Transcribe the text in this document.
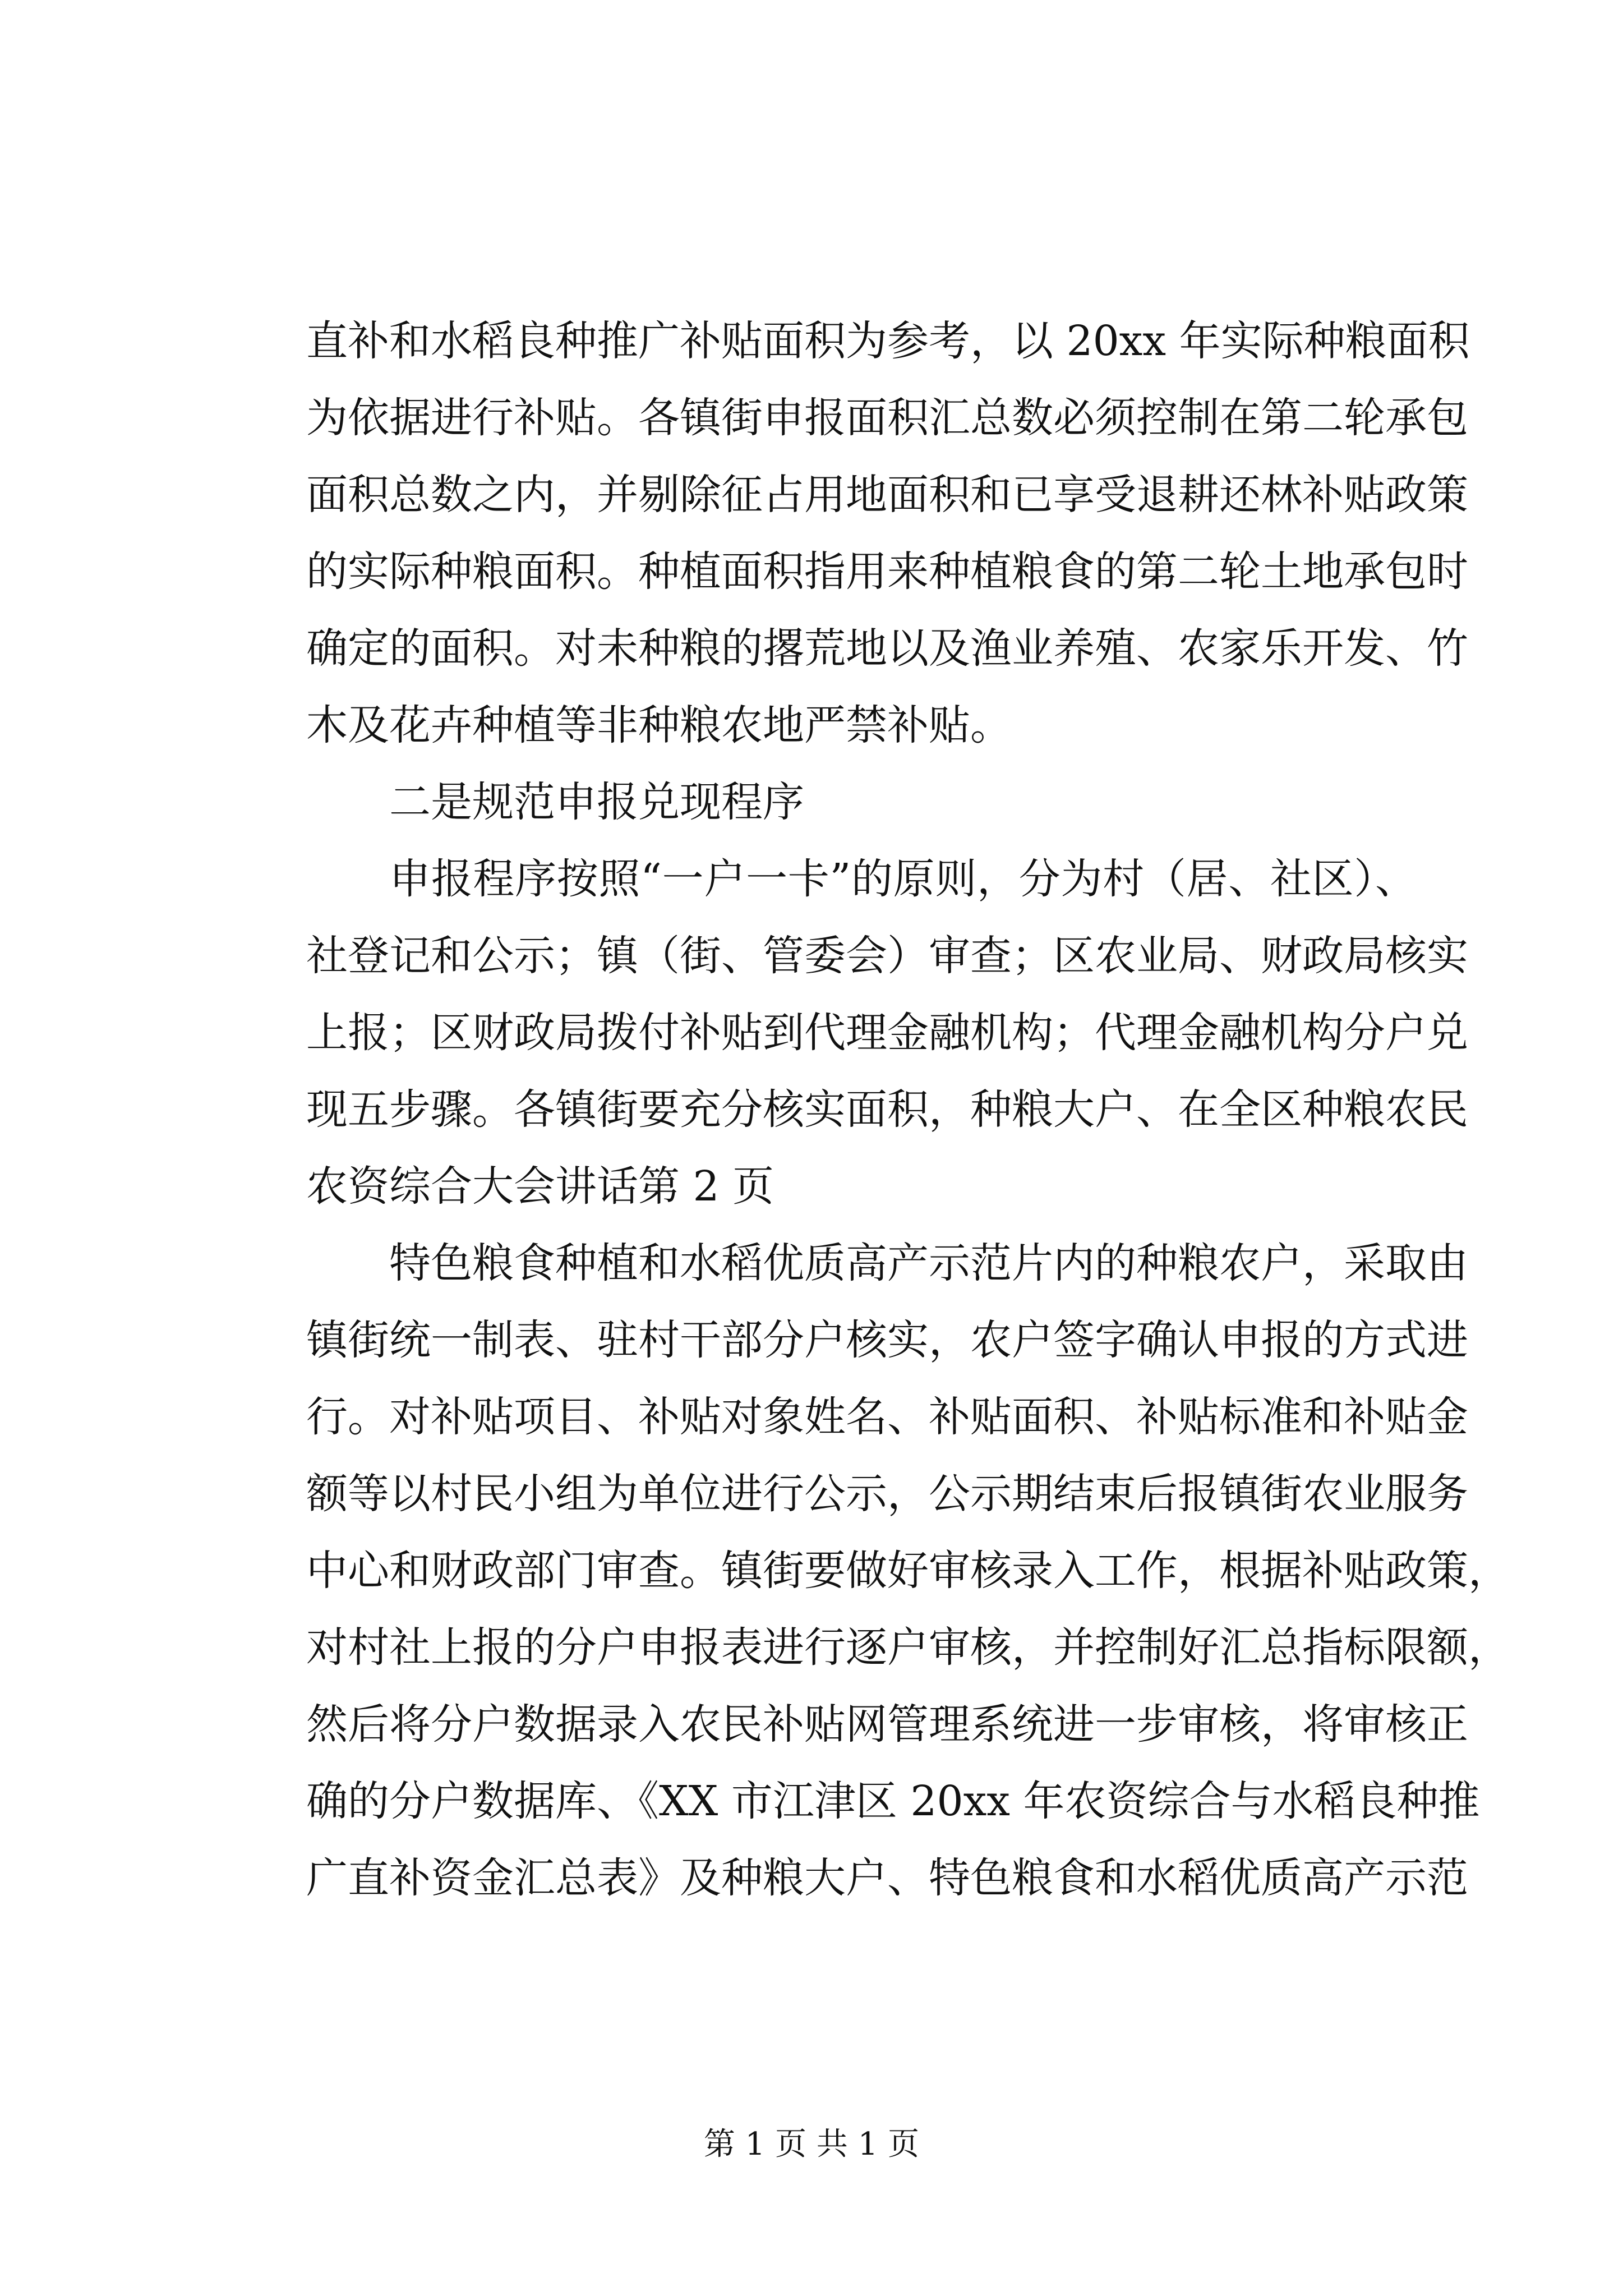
直补和水稻良种推广补贴面积为参考，以 20xx 年实际种粮面积
为依据进行补贴。各镇街申报面积汇总数必须控制在第二轮承包
面积总数之内，并剔除征占用地面积和已享受退耕还林补贴政策
的实际种粮面积。种植面积指用来种植粮食的第二轮土地承包时
确定的面积。对未种粮的撂荒地以及渔业养殖、农家乐开发、竹
木及花卉种植等非种粮农地严禁补贴。
二是规范申报兑现程序
申报程序按照“一户一卡”的原则，分为村（居、社区）、
社登记和公示；镇（街、管委会）审查；区农业局、财政局核实
上报；区财政局拨付补贴到代理金融机构；代理金融机构分户兑
现五步骤。各镇街要充分核实面积，种粮大户、在全区种粮农民
农资综合大会讲话第 2 页
特色粮食种植和水稻优质高产示范片内的种粮农户，采取由
镇街统一制表、驻村干部分户核实，农户签字确认申报的方式进
行。对补贴项目、补贴对象姓名、补贴面积、补贴标准和补贴金
额等以村民小组为单位进行公示，公示期结束后报镇街农业服务
中心和财政部门审查。镇街要做好审核录入工作，根据补贴政策，
对村社上报的分户申报表进行逐户审核，并控制好汇总指标限额，
然后将分户数据录入农民补贴网管理系统进一步审核，将审核正
确的分户数据库、《XX 市江津区 20xx 年农资综合与水稻良种推
广直补资金汇总表》及种粮大户、特色粮食和水稻优质高产示范
第 1 页 共 1 页
